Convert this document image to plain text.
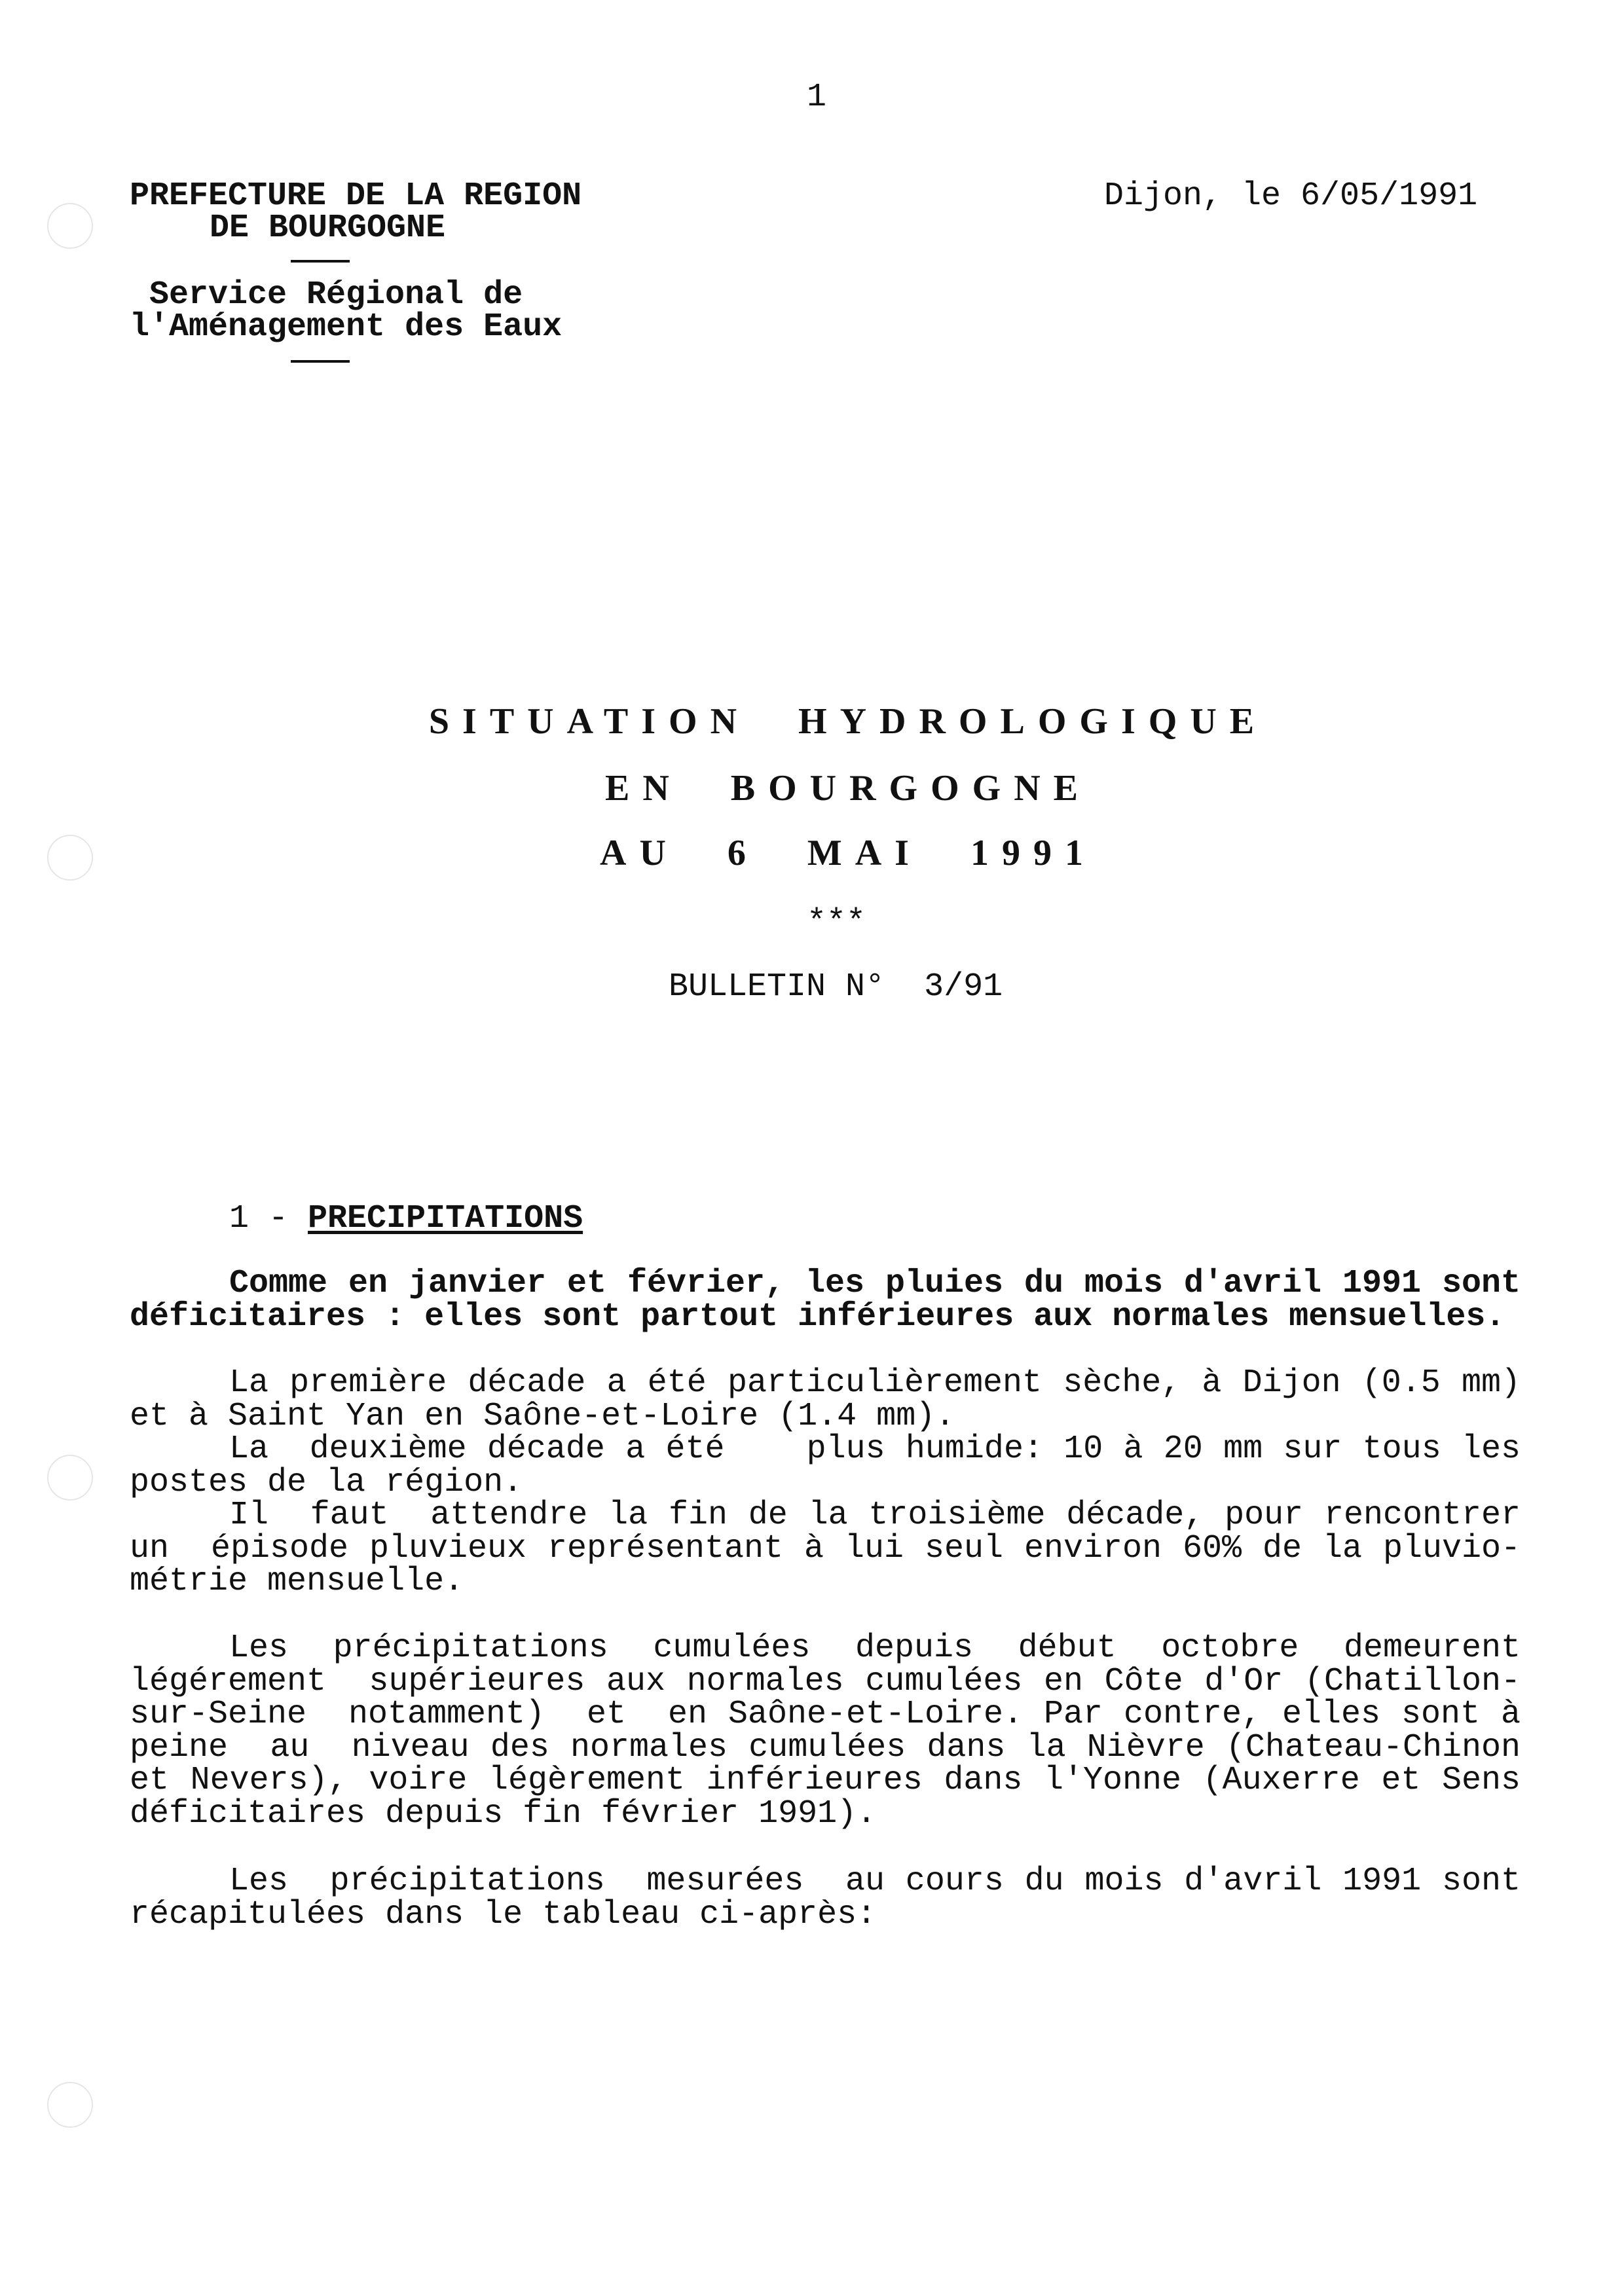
1
PREFECTURE DE LA REGION
DE BOURGOGNE
Service Régional de
l'Aménagement des Eaux
Dijon, le 6/05/1991
SITUATION HYDROLOGIQUE
EN BOURGOGNE
AU 6 MAI 1991
***
BULLETIN N°  3/91
1 - PRECIPITATIONS
Comme en janvier et février, les pluies du mois d'avril 1991 sont
déficitaires : elles sont partout inférieures aux normales mensuelles.
La première décade a été particulièrement sèche, à Dijon (0.5 mm)
et à Saint Yan en Saône-et-Loire (1.4 mm).
La  deuxième décade a été    plus humide: 10 à 20 mm sur tous les
postes de la région.
Il  faut  attendre la fin de la troisième décade, pour rencontrer
un  épisode pluvieux représentant à lui seul environ 60% de la pluvio-
métrie mensuelle.
Les  précipitations  cumulées  depuis  début  octobre  demeurent
légérement  supérieures aux normales cumulées en Côte d'Or (Chatillon-
sur-Seine  notamment)  et  en Saône-et-Loire. Par contre, elles sont à
peine  au  niveau des normales cumulées dans la Nièvre (Chateau-Chinon
et Nevers), voire légèrement inférieures dans l'Yonne (Auxerre et Sens
déficitaires depuis fin février 1991).
Les  précipitations  mesurées  au cours du mois d'avril 1991 sont
récapitulées dans le tableau ci-après:
